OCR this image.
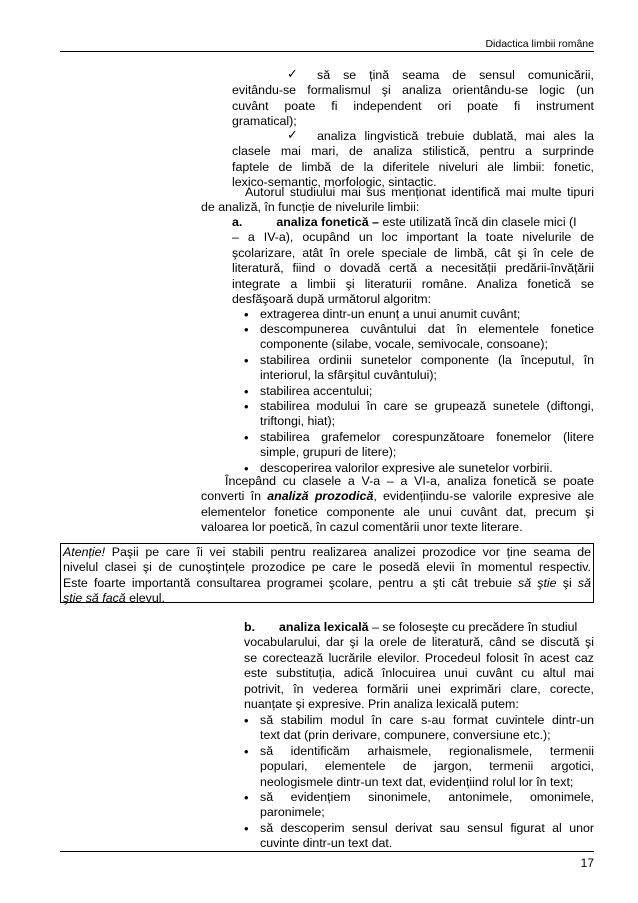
Didactica limbii române
✓	să se țină seama de sensul comunicării,
evitându-se formalismul şi analiza orientându-se logic (un
cuvânt poate fi independent ori poate fi instrument
gramatical);
✓	analiza lingvistică trebuie dublată, mai ales la
clasele mai mari, de analiza stilistică, pentru a surprinde
faptele de limbă de la diferitele niveluri ale limbii: fonetic,
lexico-semantic, morfologic, sintactic.
Autorul studiului mai sus menționat identifică mai multe tipuri
de analiză, în funcție de nivelurile limbii:
a.	analiza fonetică – este utilizată încă din clasele mici (I
– a IV-a), ocupând un loc important la toate nivelurile de
şcolarizare, atât în orele speciale de limbă, cât şi în cele de
literatură, fiind o dovadă certă a necesității predării-învățării
integrate a limbii şi literaturii române. Analiza fonetică se
desfăşoară după următorul algoritm:
• extragerea dintr-un enunț a unui anumit cuvânt;
• descompunerea cuvântului dat în elementele fonetice
componente (silabe, vocale, semivocale, consoane);
• stabilirea ordinii sunetelor componente (la începutul, în
interiorul, la sfârşitul cuvântului);
• stabilirea accentului;
• stabilirea modului în care se grupează sunetele (diftongi,
triftongi, hiat);
• stabilirea grafemelor corespunzătoare fonemelor (litere
simple, grupuri de litere);
• descoperirea valorilor expresive ale sunetelor vorbirii.
Începând cu clasele a V-a – a VI-a, analiza fonetică se poate
converti în analiză prozodică, evidențiindu-se valorile expresive ale
elementelor fonetice componente ale unui cuvânt dat, precum şi
valoarea lor poetică, în cazul comentării unor texte literare.
Atenție! Paşii pe care îi vei stabili pentru realizarea analizei prozodice vor ține seama de
nivelul clasei şi de cunoştințele prozodice pe care le posedă elevii în momentul respectiv.
Este foarte importantă consultarea programei şcolare, pentru a şti cât trebuie să ştie şi să
ştie să facă elevul.
b. analiza lexicală – se foloseşte cu precădere în studiul
vocabularului, dar şi la orele de literatură, când se discută şi
se corectează lucrările elevilor. Procedeul folosit în acest caz
este substituția, adică înlocuirea unui cuvânt cu altul mai
potrivit, în vederea formării unei exprimări clare, corecte,
nuanțate şi expresive. Prin analiza lexicală putem:
• să stabilim modul în care s-au format cuvintele dintr-un
text dat (prin derivare, compunere, conversiune etc.);
• să identificăm arhaismele, regionalismele, termenii
populari, elementele de jargon, termenii argotici,
neologismele dintr-un text dat, evidențiind rolul lor în text;
• să evidențiem sinonimele, antonimele, omonimele,
paronimele;
• să descoperim sensul derivat sau sensul figurat al unor
cuvinte dintr-un text dat.
17
